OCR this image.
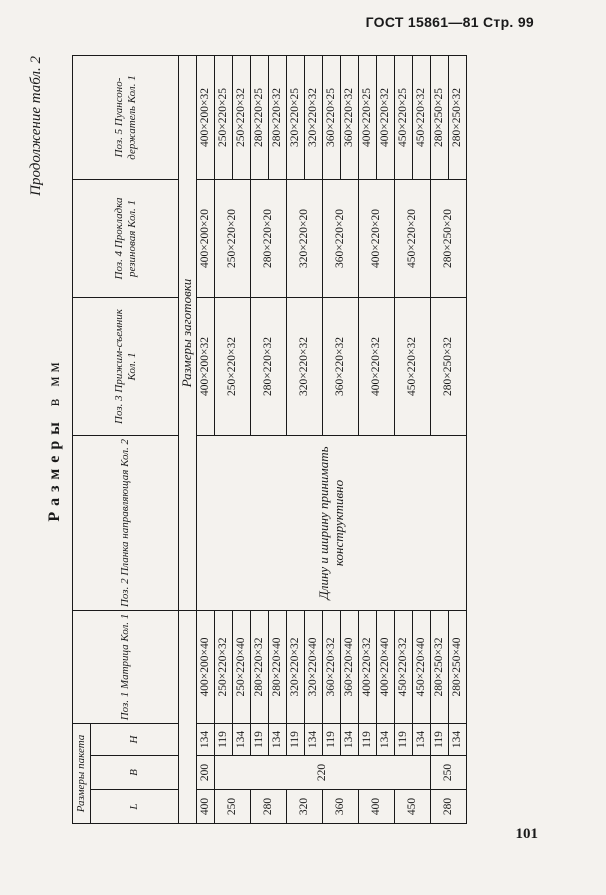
ГОСТ 15861—81 Стр. 99
Продолжение табл. 2
Размеры в мм
Размеры пакета			Поз. 1 Матрица Кол. 1	Поз. 2 Планка направляющая Кол. 2	Поз. 3 Прижим-съемник Кол. 1	Поз. 4 Прокладка резиновая Кол. 1	Поз. 5 Пуансоно-держатель Кол. 1
L	B	H					
				Размеры заготовки			
400	200	134	400×200×40	Длину и ширину принимать конструктивно	400×200×32	400×200×20	400×200×32
250	220	119	250×220×32		250×220×32	250×220×20	250×220×25
		134	250×220×40				250×220×32
280		119	280×220×32		280×220×32	280×220×20	280×220×25
		134	280×220×40				280×220×32
320		119	320×220×32		320×220×32	320×220×20	320×220×25
		134	320×220×40				320×220×32
360		119	360×220×32		360×220×32	360×220×20	360×220×25
		134	360×220×40				360×220×32
400		119	400×220×32		400×220×32	400×220×20	400×220×25
		134	400×220×40				400×220×32
450		119	450×220×32		450×220×32	450×220×20	450×220×25
		134	450×220×40				450×220×32
280	250	119	280×250×32		280×250×32	280×250×20	280×250×25
		134	280×250×40				280×250×32
101
